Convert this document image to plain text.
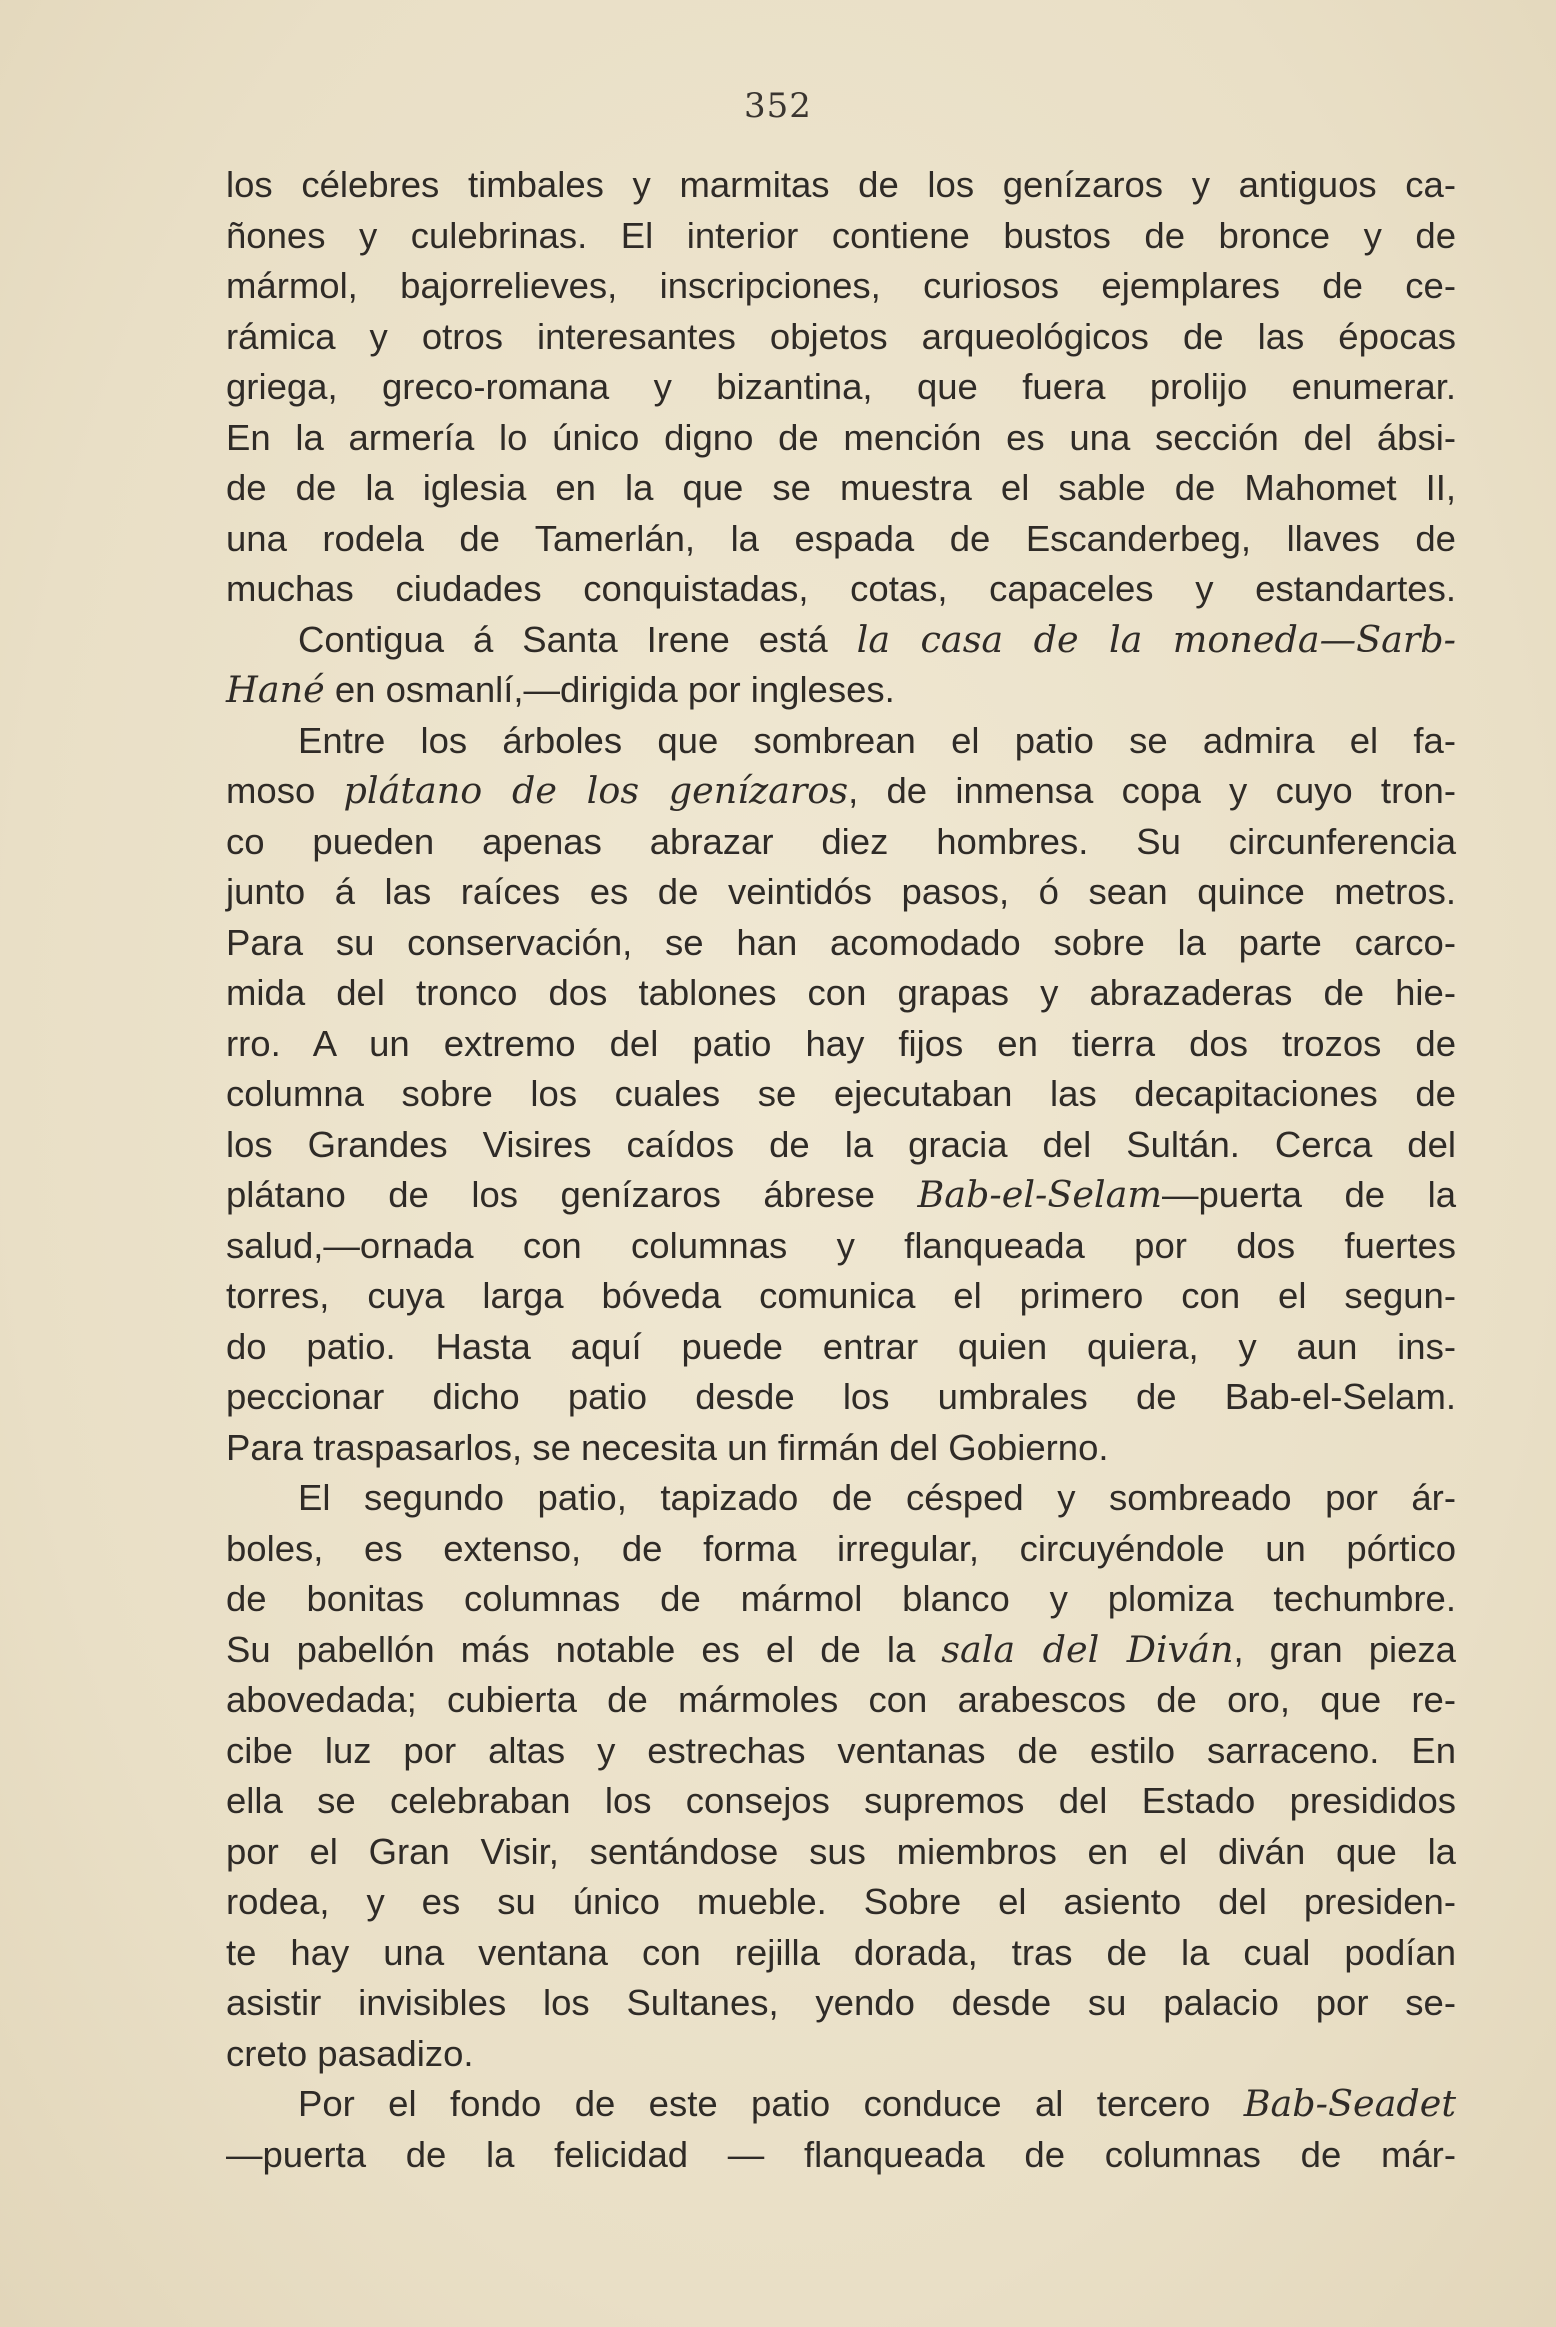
352
los célebres timbales y marmitas de los genízaros y antiguos ca-
ñones y culebrinas. El interior contiene bustos de bronce y de
mármol, bajorrelieves, inscripciones, curiosos ejemplares de ce-
rámica y otros interesantes objetos arqueológicos de las épocas
griega, greco-romana y bizantina, que fuera prolijo enumerar.
En la armería lo único digno de mención es una sección del ábsi-
de de la iglesia en la que se muestra el sable de Mahomet II,
una rodela de Tamerlán, la espada de Escanderbeg, llaves de
muchas ciudades conquistadas, cotas, capaceles y estandartes.
Contigua á Santa Irene está la casa de la moneda—Sarb-
Hané en osmanlí,—dirigida por ingleses.
Entre los árboles que sombrean el patio se admira el fa-
moso plátano de los genízaros, de inmensa copa y cuyo tron-
co pueden apenas abrazar diez hombres. Su circunferencia
junto á las raíces es de veintidós pasos, ó sean quince metros.
Para su conservación, se han acomodado sobre la parte carco-
mida del tronco dos tablones con grapas y abrazaderas de hie-
rro. A un extremo del patio hay fijos en tierra dos trozos de
columna sobre los cuales se ejecutaban las decapitaciones de
los Grandes Visires caídos de la gracia del Sultán. Cerca del
plátano de los genízaros ábrese Bab-el-Selam—puerta de la
salud,—ornada con columnas y flanqueada por dos fuertes
torres, cuya larga bóveda comunica el primero con el segun-
do patio. Hasta aquí puede entrar quien quiera, y aun ins-
peccionar dicho patio desde los umbrales de Bab-el-Selam.
Para traspasarlos, se necesita un firmán del Gobierno.
El segundo patio, tapizado de césped y sombreado por ár-
boles, es extenso, de forma irregular, circuyéndole un pórtico
de bonitas columnas de mármol blanco y plomiza techumbre.
Su pabellón más notable es el de la sala del Diván, gran pieza
abovedada; cubierta de mármoles con arabescos de oro, que re-
cibe luz por altas y estrechas ventanas de estilo sarraceno. En
ella se celebraban los consejos supremos del Estado presididos
por el Gran Visir, sentándose sus miembros en el diván que la
rodea, y es su único mueble. Sobre el asiento del presiden-
te hay una ventana con rejilla dorada, tras de la cual podían
asistir invisibles los Sultanes, yendo desde su palacio por se-
creto pasadizo.
Por el fondo de este patio conduce al tercero Bab-Seadet
—puerta de la felicidad — flanqueada de columnas de már-
